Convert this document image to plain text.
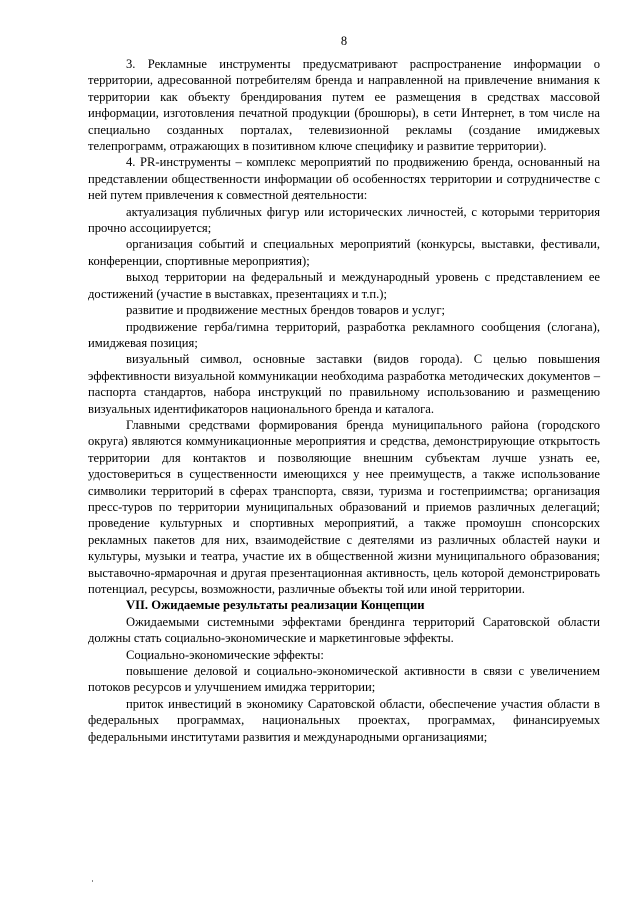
8

3. Рекламные инструменты предусматривают распространение информации о территории, адресованной потребителям бренда и направленной на привлечение внимания к территории как объекту брендирования путем ее размещения в средствах массовой информации, изготовления печатной продукции (брошюры), в сети Интернет, в том числе на специально созданных порталах, телевизионной рекламы (создание имиджевых телепрограмм, отражающих в позитивном ключе специфику и развитие территории).

4. PR-инструменты – комплекс мероприятий по продвижению бренда, основанный на представлении общественности информации об особенностях территории и сотрудничестве с ней путем привлечения к совместной деятельности:

актуализация публичных фигур или исторических личностей, с которыми территория прочно ассоциируется;

организация событий и специальных мероприятий (конкурсы, выставки, фестивали, конференции, спортивные мероприятия);

выход территории на федеральный и международный уровень с представлением ее достижений (участие в выставках, презентациях и т.п.);

развитие и продвижение местных брендов товаров и услуг;

продвижение герба/гимна территорий, разработка рекламного сообщения (слогана), имиджевая позиция;

визуальный символ, основные заставки (видов города). С целью повышения эффективности визуальной коммуникации необходима разработка методических документов – паспорта стандартов, набора инструкций по правильному использованию и размещению визуальных идентификаторов национального бренда и каталога.

Главными средствами формирования бренда муниципального района (городского округа) являются коммуникационные мероприятия и средства, демонстрирующие открытость территории для контактов и позволяющие внешним субъектам лучше узнать ее, удостовериться в существенности имеющихся у нее преимуществ, а также использование символики территорий в сферах транспорта, связи, туризма и гостеприимства; организация пресс-туров по территории муниципальных образований и приемов различных делегаций; проведение культурных и спортивных мероприятий, а также промоушн спонсорских рекламных пакетов для них, взаимодействие с деятелями из различных областей науки и культуры, музыки и театра, участие их в общественной жизни муниципального образования; выставочно-ярмарочная и другая презентационная активность, цель которой демонстрировать потенциал, ресурсы, возможности, различные объекты той или иной территории.

VII. Ожидаемые результаты реализации Концепции

Ожидаемыми системными эффектами брендинга территорий Саратовской области должны стать социально-экономические и маркетинговые эффекты.

Социально-экономические эффекты:

повышение деловой и социально-экономической активности в связи с увеличением потоков ресурсов и улучшением имиджа территории;

приток инвестиций в экономику Саратовской области, обеспечение участия области в федеральных программах, национальных проектах, программах, финансируемых федеральными институтами развития и международными организациями;
